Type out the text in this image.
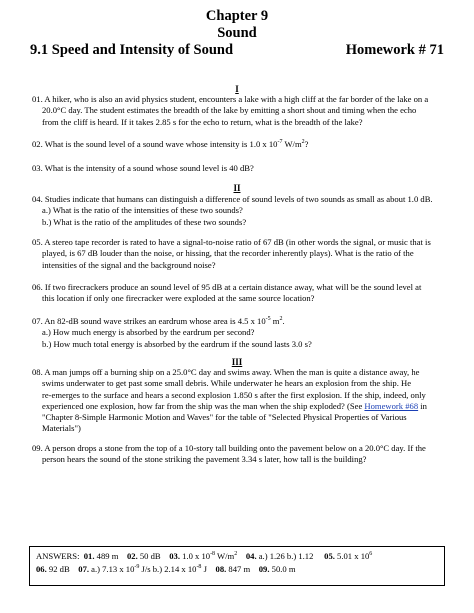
Chapter 9
Sound
9.1 Speed and Intensity of Sound	Homework # 71
I

01. A hiker, who is also an avid physics student, encounters a lake with a high cliff at the far border of the lake on a

20.0°C day. The student estimates the breadth of the lake by emitting a short shout and timing when the echo

from the cliff is heard. If it takes 2.85 s for the echo to return, what is the breadth of the lake?

02. What is the sound level of a sound wave whose intensity is 1.0 x $10^{-7}$ $W/m^2$?

03. What is the intensity of a sound whose sound level is 40 dB?

II

04. Studies indicate that humans can distinguish a difference of sound levels of two sounds as small as about 1.0 dB.

a.) What is the ratio of the intensities of these two sounds?

b.) What is the ratio of the amplitudes of these two sounds?

05. A stereo tape recorder is rated to have a signal-to-noise ratio of 67 dB (in other words the signal, or music that is

played, is 67 dB louder than the noise, or hissing, that the recorder inherently plays). What is the ratio of the

intensities of the signal and the background noise?

06. If two firecrackers produce an sound level of 95 dB at a certain distance away, what will be the sound level at

this location if only one firecracker were exploded at the same source location?

07. An 82-dB sound wave strikes an eardrum whose area is 4.5 x $10^{-5}$ $m^2$.

a.) How much energy is absorbed by the eardrum per second?

b.) How much total energy is absorbed by the eardrum if the sound lasts 3.0 s?

III

08. A man jumps off a burning ship on a 25.0°C day and swims away. When the man is quite a distance away, he

swims underwater to get past some small debris. While underwater he hears an explosion from the ship. He

re-emerges to the surface and hears a second explosion 1.850 s after the first explosion. If the ship, indeed, only

experienced one explosion, how far from the ship was the man when the ship exploded? (See Homework #68 in

"Chapter 8-Simple Harmonic Motion and Waves" for the table of "Selected Physical Properties of Various

Materials")

09. A person drops a stone from the top of a 10-story tall building onto the pavement below on a 20.0°C day. If the

person hears the sound of the stone striking the pavement 3.34 s later, how tall is the building?

ANSWERS: 01. 489 m 02. 50 dB 03. 1.0 x $10^{-8}$ $W/m^2$ 04. a.) 1.26 b.) 1.12 05. 5.01 x $10^6$

06. 92 dB 07. a.) 7.13 x $10^{-9}$ J/s b.) 2.14 x $10^{-8}$ J 08. 847 m 09. 50.0 m
